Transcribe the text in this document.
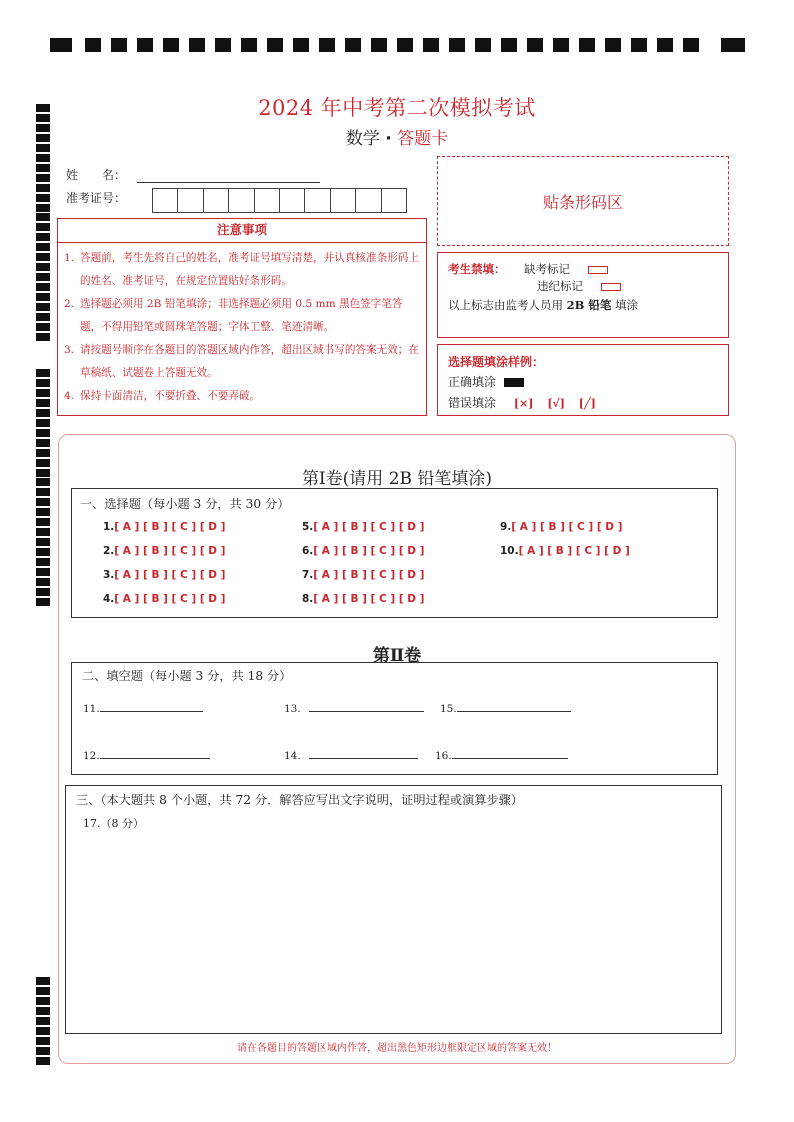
2024 年中考第二次模拟考试
数学 · 答题卡
姓　　名：
准考证号：	贴条形码区
注意事项
1. 答题前，考生先将自己的姓名，准考证号填写清楚，并认真核准条形码上的姓名、准考证号，在规定位置贴好条形码。
2. 选择题必须用 2B 铅笔填涂；非选择题必须用 0.5 mm 黑色签字笔答题，不得用铅笔或圆珠笔答题；字体工整、笔迹清晰。
3. 请按题号顺序在各题目的答题区域内作答，超出区域书写的答案无效；在草稿纸、试题卷上答题无效。
4. 保持卡面清洁，不要折叠、不要弄破。
考生禁填： 缺考标记
违纪标记
以上标志由监考人员用 2B 铅笔 填涂
选择题填涂样例：
正确填涂
错误填涂 [×] [√] [╱]
第Ⅰ卷(请用 2B 铅笔填涂)
一、选择题（每小题 3 分，共 30 分）
1.[ A ] [ B ] [ C ] [ D ]
2.[ A ] [ B ] [ C ] [ D ]
3.[ A ] [ B ] [ C ] [ D ]
4.[ A ] [ B ] [ C ] [ D ]
5.[ A ] [ B ] [ C ] [ D ]
6.[ A ] [ B ] [ C ] [ D ]
7.[ A ] [ B ] [ C ] [ D ]
8.[ A ] [ B ] [ C ] [ D ]
9.[ A ] [ B ] [ C ] [ D ]
10.[ A ] [ B ] [ C ] [ D ]
第Ⅱ卷
二、填空题（每小题 3 分，共 18 分）
11.
12.
13.
14.
15.
16.
三、（本大题共 8 个小题，共 72 分．解答应写出文字说明，证明过程或演算步骤）
17.（8 分）
请在各题目的答题区域内作答，超出黑色矩形边框限定区域的答案无效！
